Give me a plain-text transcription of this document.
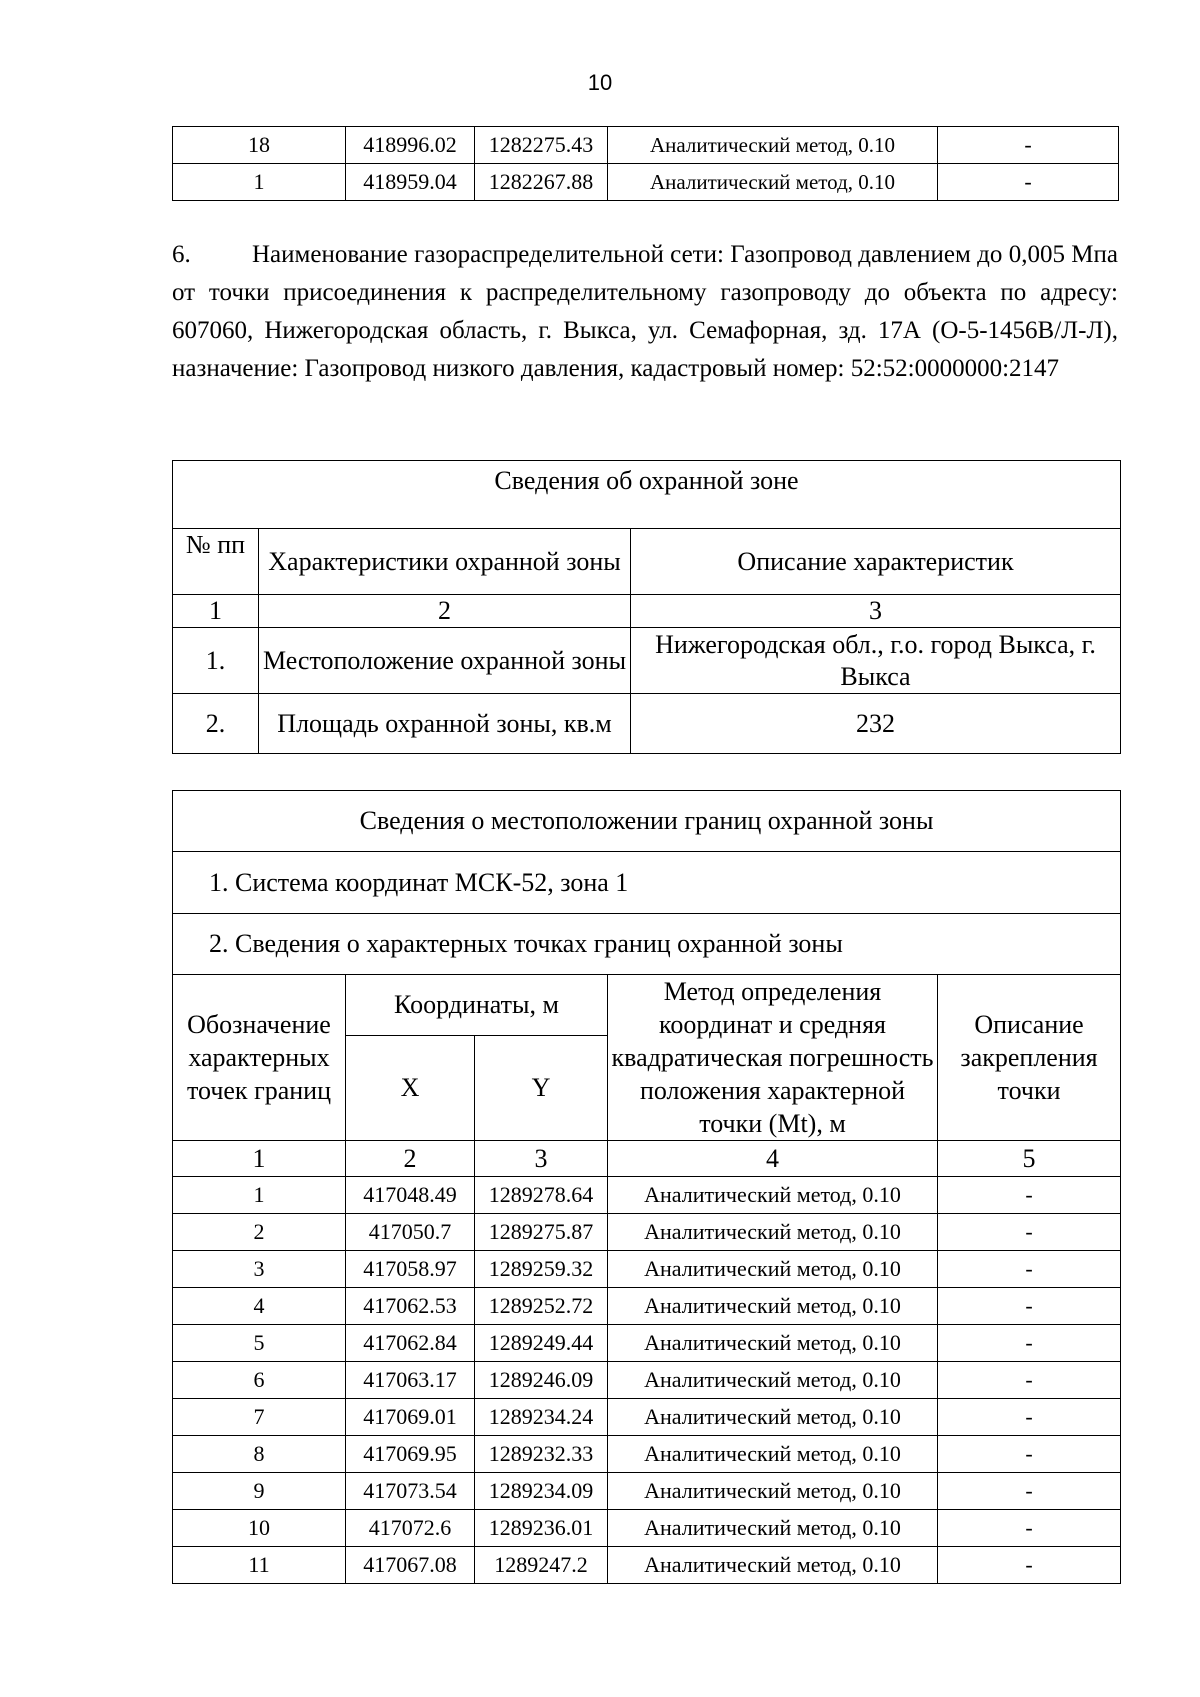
10
18	418996.02	1282275.43	Аналитический метод, 0.10	-
1	418959.04	1282267.88	Аналитический метод, 0.10	-
6. Наименование газораспределительной сети: Газопровод давлением до 0,005 Мпа от точки присоединения к распределительному газопроводу до объекта по адресу: 607060, Нижегородская область, г. Выкса, ул. Семафорная, зд. 17А (О-5-1456В/Л-Л), назначение: Газопровод низкого давления, кадастровый номер: 52:52:0000000:2147
Сведения об охранной зоне		
№ пп	Характеристики охранной зоны	Описание характеристик
1	2	3
1.	Местоположение охранной зоны	Нижегородская обл., г.о. город Выкса, г. Выкса
2.	Площадь охранной зоны, кв.м	232
Сведения о местоположении границ охранной зоны				
1. Система координат МСК-52, зона 1				
2. Сведения о характерных точках границ охранной зоны				
Обозначение характерных точек границ	Координаты, м		Метод определения координат и средняя квадратическая погрешность положения характерной точки (Mt), м	Описание закрепления точки
	X	Y		
1	2	3	4	5
1	417048.49	1289278.64	Аналитический метод, 0.10	-
2	417050.7	1289275.87	Аналитический метод, 0.10	-
3	417058.97	1289259.32	Аналитический метод, 0.10	-
4	417062.53	1289252.72	Аналитический метод, 0.10	-
5	417062.84	1289249.44	Аналитический метод, 0.10	-
6	417063.17	1289246.09	Аналитический метод, 0.10	-
7	417069.01	1289234.24	Аналитический метод, 0.10	-
8	417069.95	1289232.33	Аналитический метод, 0.10	-
9	417073.54	1289234.09	Аналитический метод, 0.10	-
10	417072.6	1289236.01	Аналитический метод, 0.10	-
11	417067.08	1289247.2	Аналитический метод, 0.10	-
